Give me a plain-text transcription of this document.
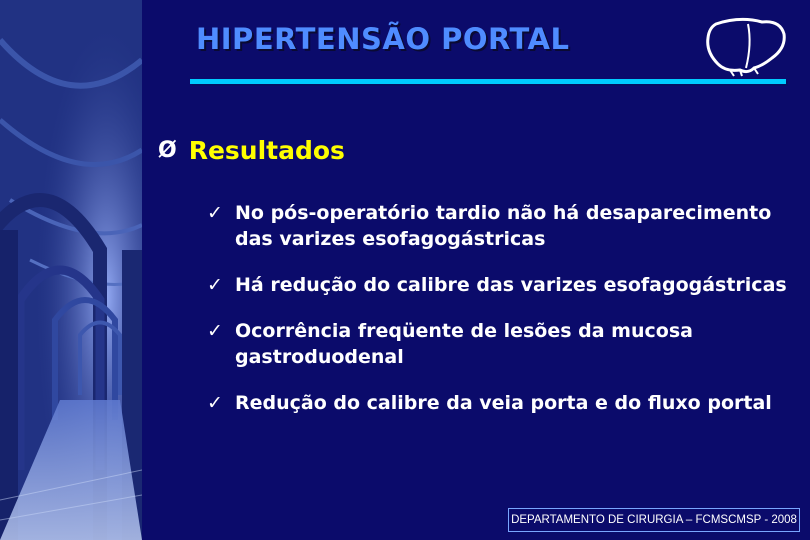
HIPERTENSÃO PORTAL
Ø Resultados
✓ No pós-operatório tardio não há desaparecimento das varizes esofagogástricas
✓ Há redução do calibre das varizes esofagogástricas
✓ Ocorrência freqüente de lesões da mucosa gastroduodenal
✓ Redução do calibre da veia porta e do fluxo portal
DEPARTAMENTO DE CIRURGIA – FCMSCMSP - 2008
